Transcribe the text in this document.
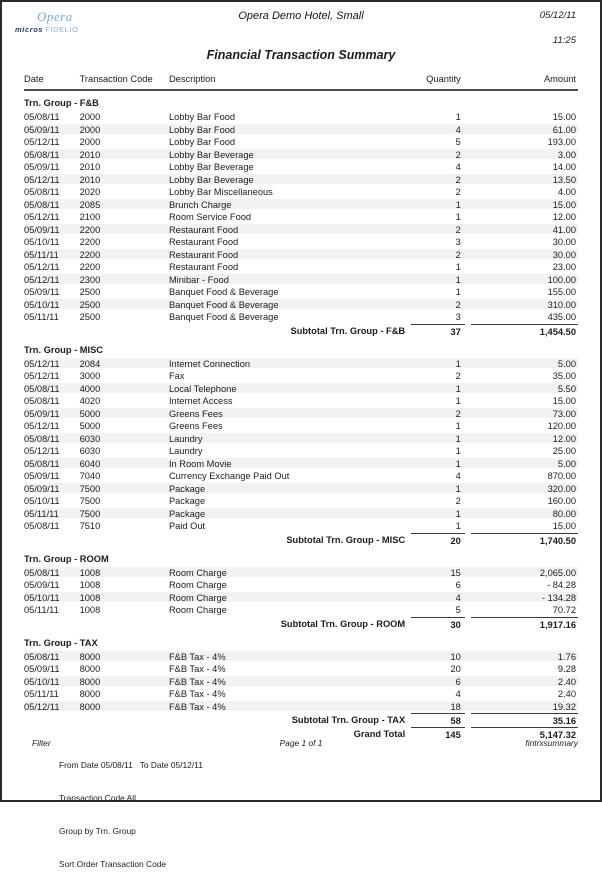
Opera
micros FIDELIO
Opera Demo Hotel, Small	05/12/11
11:25
Financial Transaction Summary
Date	Transaction Code	Description	Quantity	Amount
Trn. Group - F&B
05/08/11	2000	Lobby Bar Food	1	15.00
05/09/11	2000	Lobby Bar Food	4	61.00
05/12/11	2000	Lobby Bar Food	5	193.00
05/08/11	2010	Lobby Bar Beverage	2	3.00
05/09/11	2010	Lobby Bar Beverage	4	14.00
05/12/11	2010	Lobby Bar Beverage	2	13.50
05/08/11	2020	Lobby Bar Miscellaneous	2	4.00
05/08/11	2085	Brunch Charge	1	15.00
05/12/11	2100	Room Service Food	1	12.00
05/09/11	2200	Restaurant Food	2	41.00
05/10/11	2200	Restaurant Food	3	30.00
05/11/11	2200	Restaurant Food	2	30.00
05/12/11	2200	Restaurant Food	1	23.00
05/12/11	2300	Minibar - Food	1	100.00
05/09/11	2500	Banquet Food & Beverage	1	155.00
05/10/11	2500	Banquet Food & Beverage	2	310.00
05/11/11	2500	Banquet Food & Beverage	3	435.00
Subtotal Trn. Group - F&B	37	1,454.50
Trn. Group - MISC
05/12/11	2084	Internet Connection	1	5.00
05/12/11	3000	Fax	2	35.00
05/08/11	4000	Local Telephone	1	5.50
05/08/11	4020	Internet Access	1	15.00
05/09/11	5000	Greens Fees	2	73.00
05/12/11	5000	Greens Fees	1	120.00
05/08/11	6030	Laundry	1	12.00
05/12/11	6030	Laundry	1	25.00
05/08/11	6040	In Room Movie	1	5.00
05/09/11	7040	Currency Exchange Paid Out	4	870.00
05/09/11	7500	Package	1	320.00
05/10/11	7500	Package	2	160.00
05/11/11	7500	Package	1	80.00
05/08/11	7510	Paid Out	1	15.00
Subtotal Trn. Group - MISC	20	1,740.50
Trn. Group - ROOM
05/08/11	1008	Room Charge	15	2,065.00
05/09/11	1008	Room Charge	6	- 84.28
05/10/11	1008	Room Charge	4	- 134.28
05/11/11	1008	Room Charge	5	70.72
Subtotal Trn. Group - ROOM	30	1,917.16
Trn. Group - TAX
05/08/11	8000	F&B Tax - 4%	10	1.76
05/09/11	8000	F&B Tax - 4%	20	9.28
05/10/11	8000	F&B Tax - 4%	6	2.40
05/11/11	8000	F&B Tax - 4%	4	2.40
05/12/11	8000	F&B Tax - 4%	18	19.32
Subtotal Trn. Group - TAX	58	35.16
Grand Total	145	5,147.32
Filter

From Date 05/08/11   To Date 05/12/11

Transaction Code All

Group by Trn. Group

Sort Order Transaction Code

Page 1 of 1	fintrxsummary
